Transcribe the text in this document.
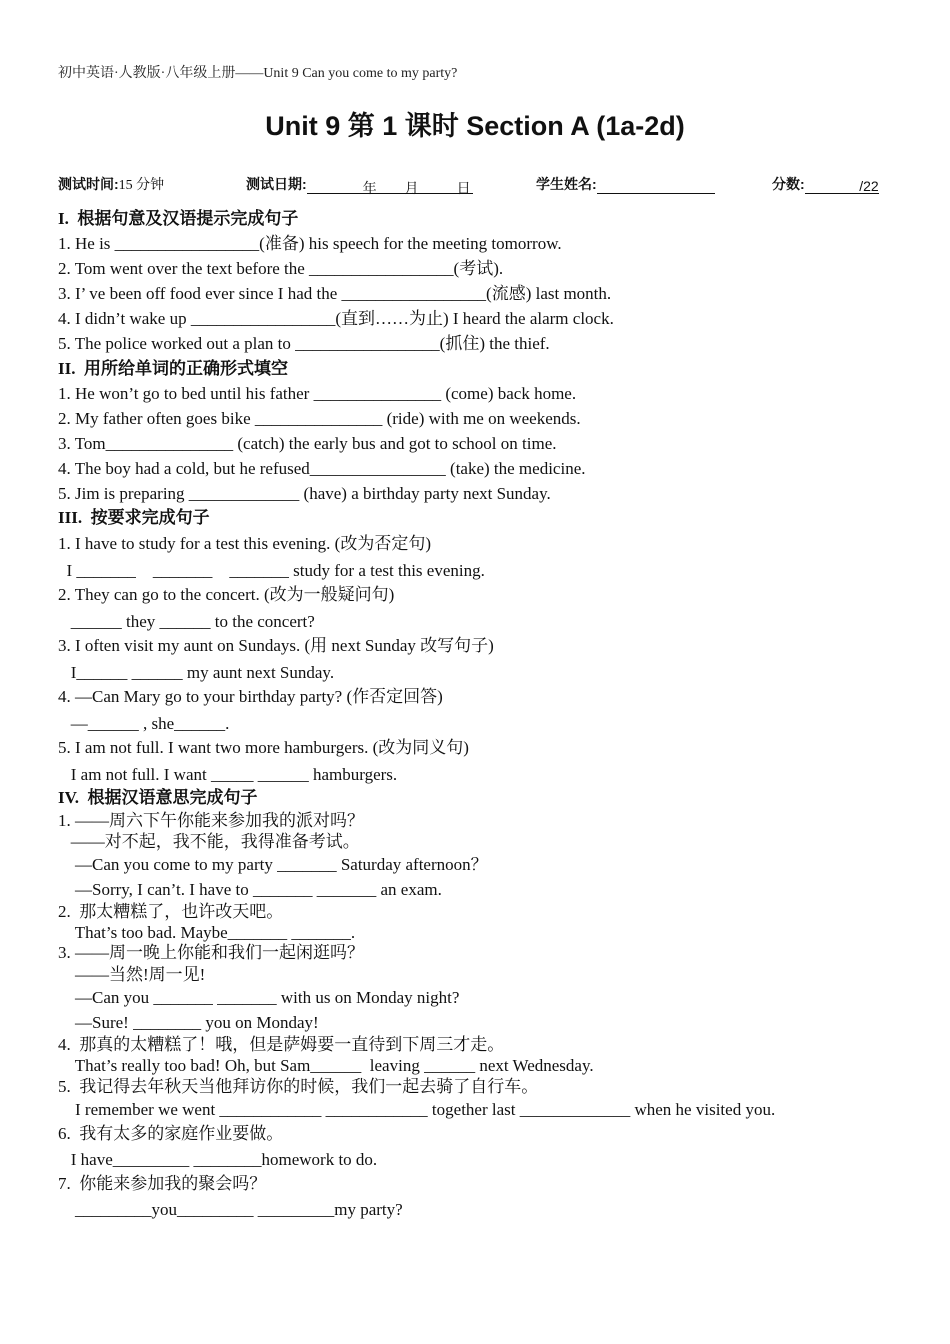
初中英语·人教版·八年级上册——Unit 9 Can you come to my party?
Unit 9 第 1 课时 Section A (1a-2d)
测试时间:15 分钟	测试日期:	年 月	日	学生姓名:	分数:	/22
I.  根据句意及汉语提示完成句子
1. He is _________________(准备) his speech for the meeting tomorrow.
2. Tom went over the text before the _________________(考试).
3. I’ ve been off food ever since I had the _________________(流感) last month.
4. I didn’t wake up _________________(直到……为止) I heard the alarm clock.
5. The police worked out a plan to _________________(抓住) the thief.
II.  用所给单词的正确形式填空
1. He won’t go to bed until his father _______________ (come) back home.
2. My father often goes bike _______________ (ride) with me on weekends.
3. Tom_______________ (catch) the early bus and got to school on time.
4. The boy had a cold, but he refused________________ (take) the medicine.
5. Jim is preparing _____________ (have) a birthday party next Sunday.
III.  按要求完成句子
1. I have to study for a test this evening. (改为否定句)
I _______    _______    _______ study for a test this evening.
2. They can go to the concert. (改为一般疑问句)
______ they ______ to the concert?
3. I often visit my aunt on Sundays. (用 next Sunday 改写句子)
I______ ______ my aunt next Sunday.
4. —Can Mary go to your birthday party? (作否定回答)
—______ , she______.
5. I am not full. I want two more hamburgers. (改为同义句)
I am not full. I want _____ ______ hamburgers.
IV.  根据汉语意思完成句子
1. ——周六下午你能来参加我的派对吗？
——对不起，我不能，我得准备考试。
—Can you come to my party _______ Saturday afternoon？
—Sorry, I can’t. I have to _______ _______ an exam.
2.  那太糟糕了，也许改天吧。
That’s too bad. Maybe_______ _______.
3. ——周一晚上你能和我们一起闲逛吗？
——当然!周一见!
—Can you _______ _______ with us on Monday night?
—Sure! ________ you on Monday!
4.  那真的太糟糕了！哦，但是萨姆要一直待到下周三才走。
That’s really too bad! Oh, but Sam______  leaving ______ next Wednesday.
5.  我记得去年秋天当他拜访你的时候，我们一起去骑了自行车。
I remember we went ____________ ____________ together last _____________ when he visited you.
6.  我有太多的家庭作业要做。
I have_________ ________homework to do.
7.  你能来参加我的聚会吗？
_________you_________ _________my party?
